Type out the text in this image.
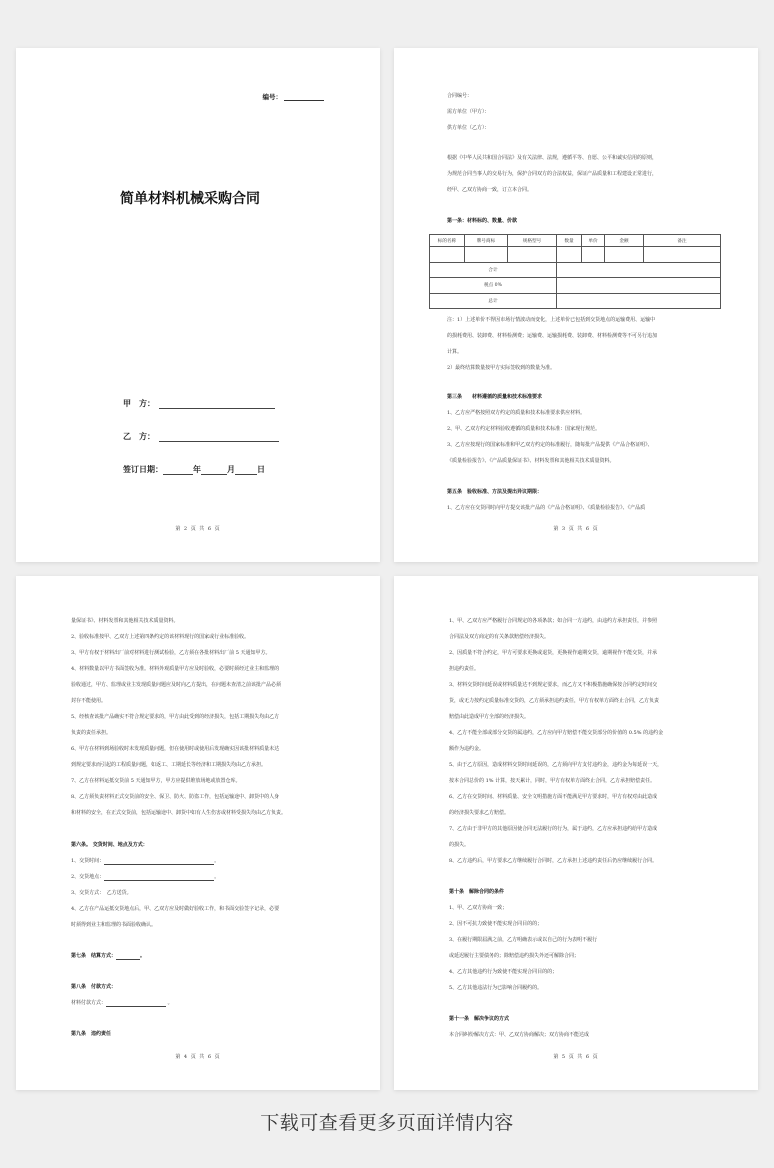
编号：
简单材料机械采购合同
甲　方：
乙　方：
签订日期：	年	月	日
第 2 页 共 6 页
合同编号：
需方单位（甲方）：
供方单位（乙方）：
根据《中华人民共和国合同法》及有关法律、法规，遵循平等、自愿、公平和诚实信用的原则，
为规范合同当事人的交易行为，保护合同双方的合法权益，保证产品质量和工程建设正常进行，
经甲、乙双方协商一致，订立本合同。
第一条：材料标的、数量、价款
标的名称	牌号商标	规格型号	数量	单价	金额	备注

合计						
税点 0%						
总计						
注：1）上述单价不得因市场行情波动而变化，上述单价已包括到交货地点的运输费用、运输中
的损耗费用、装卸费、材料检测费；运输费、运输损耗费、装卸费、材料检测费等不可另行追加
计算。
2）最终结算数量按甲方实际签收到的数量为准。
第三条　　材料遵循的质量和技术标准要求
1、乙方应严格按照双方约定的质量和技术标准要求供应材料。
2、甲、乙双方约定材料验收遵循的质量和技术标准：国家现行规范。
3、乙方应按现行的国家标准和甲乙双方约定的标准履行，随每批产品提供《产品合格证明》、
《质量检验报告》、《产品质量保证书》、材料发票和其他相关技术质量资料。
第五条　验收标准、方法及提出异议期限：
1、乙方应在交货同时向甲方提交该批产品的《产品合格证明》、《质量检验报告》、《产品质
第 3 页 共 6 页
量保证书》、材料发票和其他相关技术质量资料。
2、验收标准按甲、乙双方上述第四条约定的该材料现行的国家或行业标准验收。
3、甲方有权于材料出厂前对材料进行测试检验，乙方须在各批材料出厂前 5 天通知甲方。
4、材料数量以甲方书面签收为准。材料外观质量甲方应及时验收，必要时须经过业主和监理的
验收通过，甲方、监理或业主发现质量问题应及时向乙方提出，在问题未查清之前该批产品必须
封存不能使用。
5、经核查该批产品确实不符合规定要求的，甲方由此受到的经济损失，包括工期损失均由乙方
负责的责任承担。
6、甲方在材料到场验收时未发现质量问题，但在使用时或使用后发现确实因该批材料质量未达
到规定要求而引起的工程质量问题，如返工、工期延长等经济和工期损失均由乙方承担。
7、乙方在材料运抵交货前 5 天通知甲方，甲方应提供堆放场地或放置仓库。
8、乙方须负责材料正式交货前的安全、保卫、防火、防盗工作，包括运输途中、卸货中的人身
和材料的安全，在正式交货前，包括运输途中、卸货中如有人生伤害或材料受损失均由乙方负责。
第六条。 交货时间、地点及方式：
1、交货时间：	。
2、交货地点：	。
3、交货方式：　乙方送货。
4、乙方在产品运抵交货地点后，甲、乙双方应及时做好验收工作，和书面交验签字记录，必要
时须得到业主和监理的书面验收确认。
第七条　结算方式：	。
第八条　付款方式：
材料付款方式：	。
第九条　违约责任
第 4 页 共 6 页
1、甲、乙双方应严格履行合同规定的各项条款；如合同一方违约，由违约方承担责任，并参照
合同法及双方商定的有关条款赔偿经济损失。
2、因质量不符合约定，甲方可要求更换或退货，更换视作逾期交货，逾期视作不能交货，并承
担违约责任。
3、材料交货时间延误或材料质量达不到规定要求，而乙方又不积极措施确保按合同约定时间交
货，或无力按约定质量标准交货的，乙方须承担违约责任，甲方有权单方面终止合同，乙方负责
赔偿由此造成甲方全部的经济损失。
4、乙方不能全部或部分交货的属违约，乙方应向甲方赔偿不能交货部分的价值的 0.5% 的违约金
额作为违约金。
5、由于乙方原因，造成材料交货时间延误的，乙方须向甲方支付违约金，违约金为每延误一天，
按本合同总价的 1% 计算，按天累计，同时，甲方有权单方面终止合同，乙方承担赔偿责任。
6、乙方在交货时间、材料质量、安全文明措施方面不能满足甲方要求时，甲方有权对由此造成
的经济损失要求乙方赔偿。
7、乙方由于非甲方的其他原因使合同无法履行的行为，属于违约，乙方应承担违约给甲方造成
的损失。
8、乙方违约后，甲方要求乙方继续履行合同时，乙方承担上述违约责任后仍应继续履行合同。
第十条　解除合同的条件
1、甲、乙双方协商一致；
2、因不可抗力致使不能实现合同目的的；
3、在履行期限届满之前，乙方明确表示或以自己的行为表明不履行
或延迟履行主要债务的；除赔偿违约损失外还可解除合同；
4、乙方其他违约行为致使不能实现合同目的的；
5、乙方其他违法行为已影响合同履约的。
第十一条　解决争议的方式
本合同纠纷解决方式：甲、乙双方协商解决；双方协商不能达成
第 5 页 共 6 页
下载可查看更多页面详情内容
